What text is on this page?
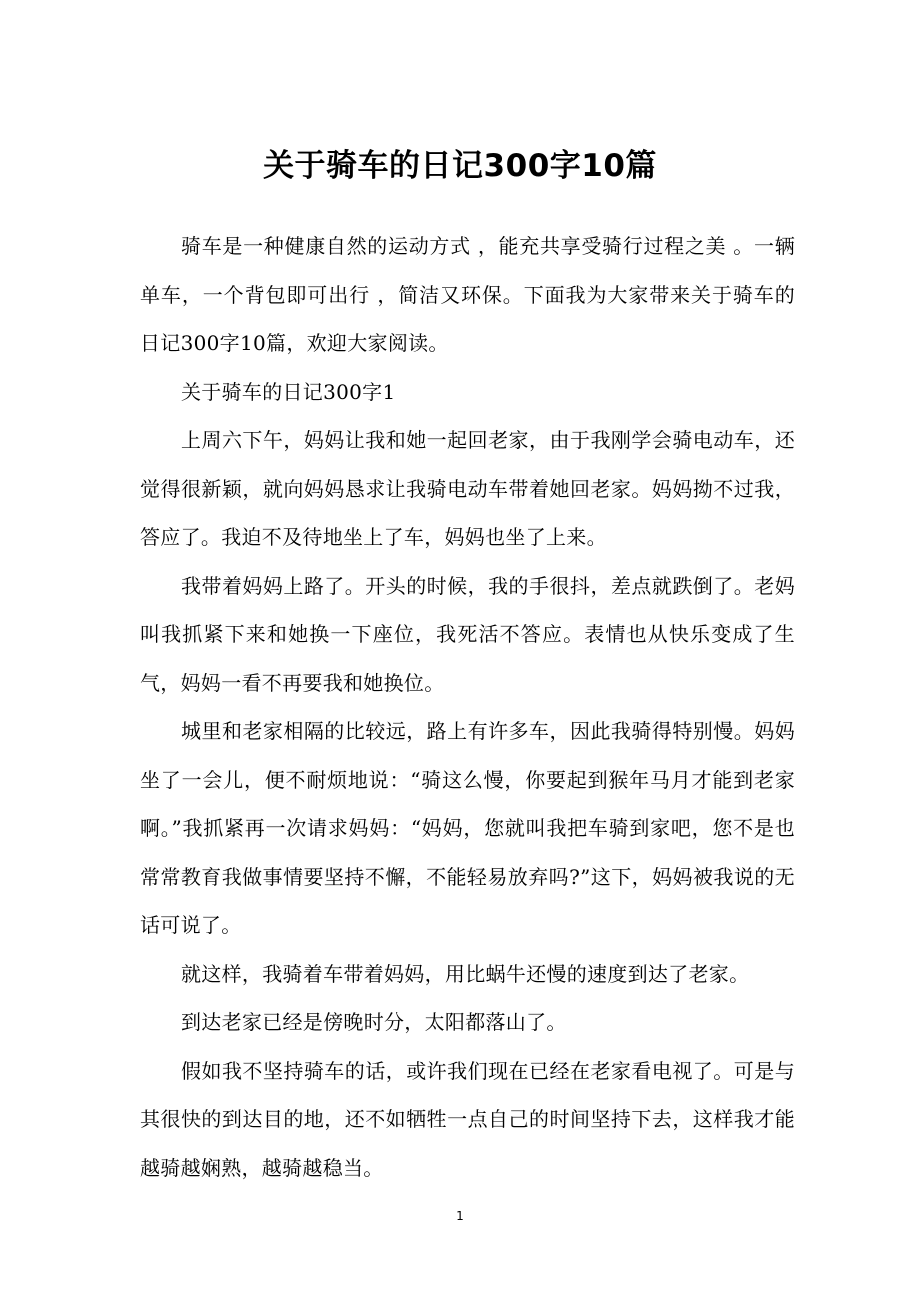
关于骑车的日记300字10篇

骑车是一种健康自然的运动方式 ，能充共享受骑行过程之美 。一辆单车，一个背包即可出行 ，简洁又环保。下面我为大家带来关于骑车的日记300字10篇，欢迎大家阅读。

关于骑车的日记300字1

上周六下午，妈妈让我和她一起回老家，由于我刚学会骑电动车，还觉得很新颖，就向妈妈恳求让我骑电动车带着她回老家。妈妈拗不过我，答应了。我迫不及待地坐上了车，妈妈也坐了上来。

我带着妈妈上路了。开头的时候，我的手很抖，差点就跌倒了。老妈叫我抓紧下来和她换一下座位，我死活不答应。表情也从快乐变成了生气，妈妈一看不再要我和她换位。

城里和老家相隔的比较远，路上有许多车，因此我骑得特别慢。妈妈坐了一会儿，便不耐烦地说：“骑这么慢，你要起到猴年马月才能到老家啊。”我抓紧再一次请求妈妈：“妈妈，您就叫我把车骑到家吧，您不是也常常教育我做事情要坚持不懈，不能轻易放弃吗?”这下，妈妈被我说的无话可说了。

就这样，我骑着车带着妈妈，用比蜗牛还慢的速度到达了老家。

到达老家已经是傍晚时分，太阳都落山了。

假如我不坚持骑车的话，或许我们现在已经在老家看电视了。可是与其很快的到达目的地，还不如牺牲一点自己的时间坚持下去，这样我才能越骑越娴熟，越骑越稳当。

1
